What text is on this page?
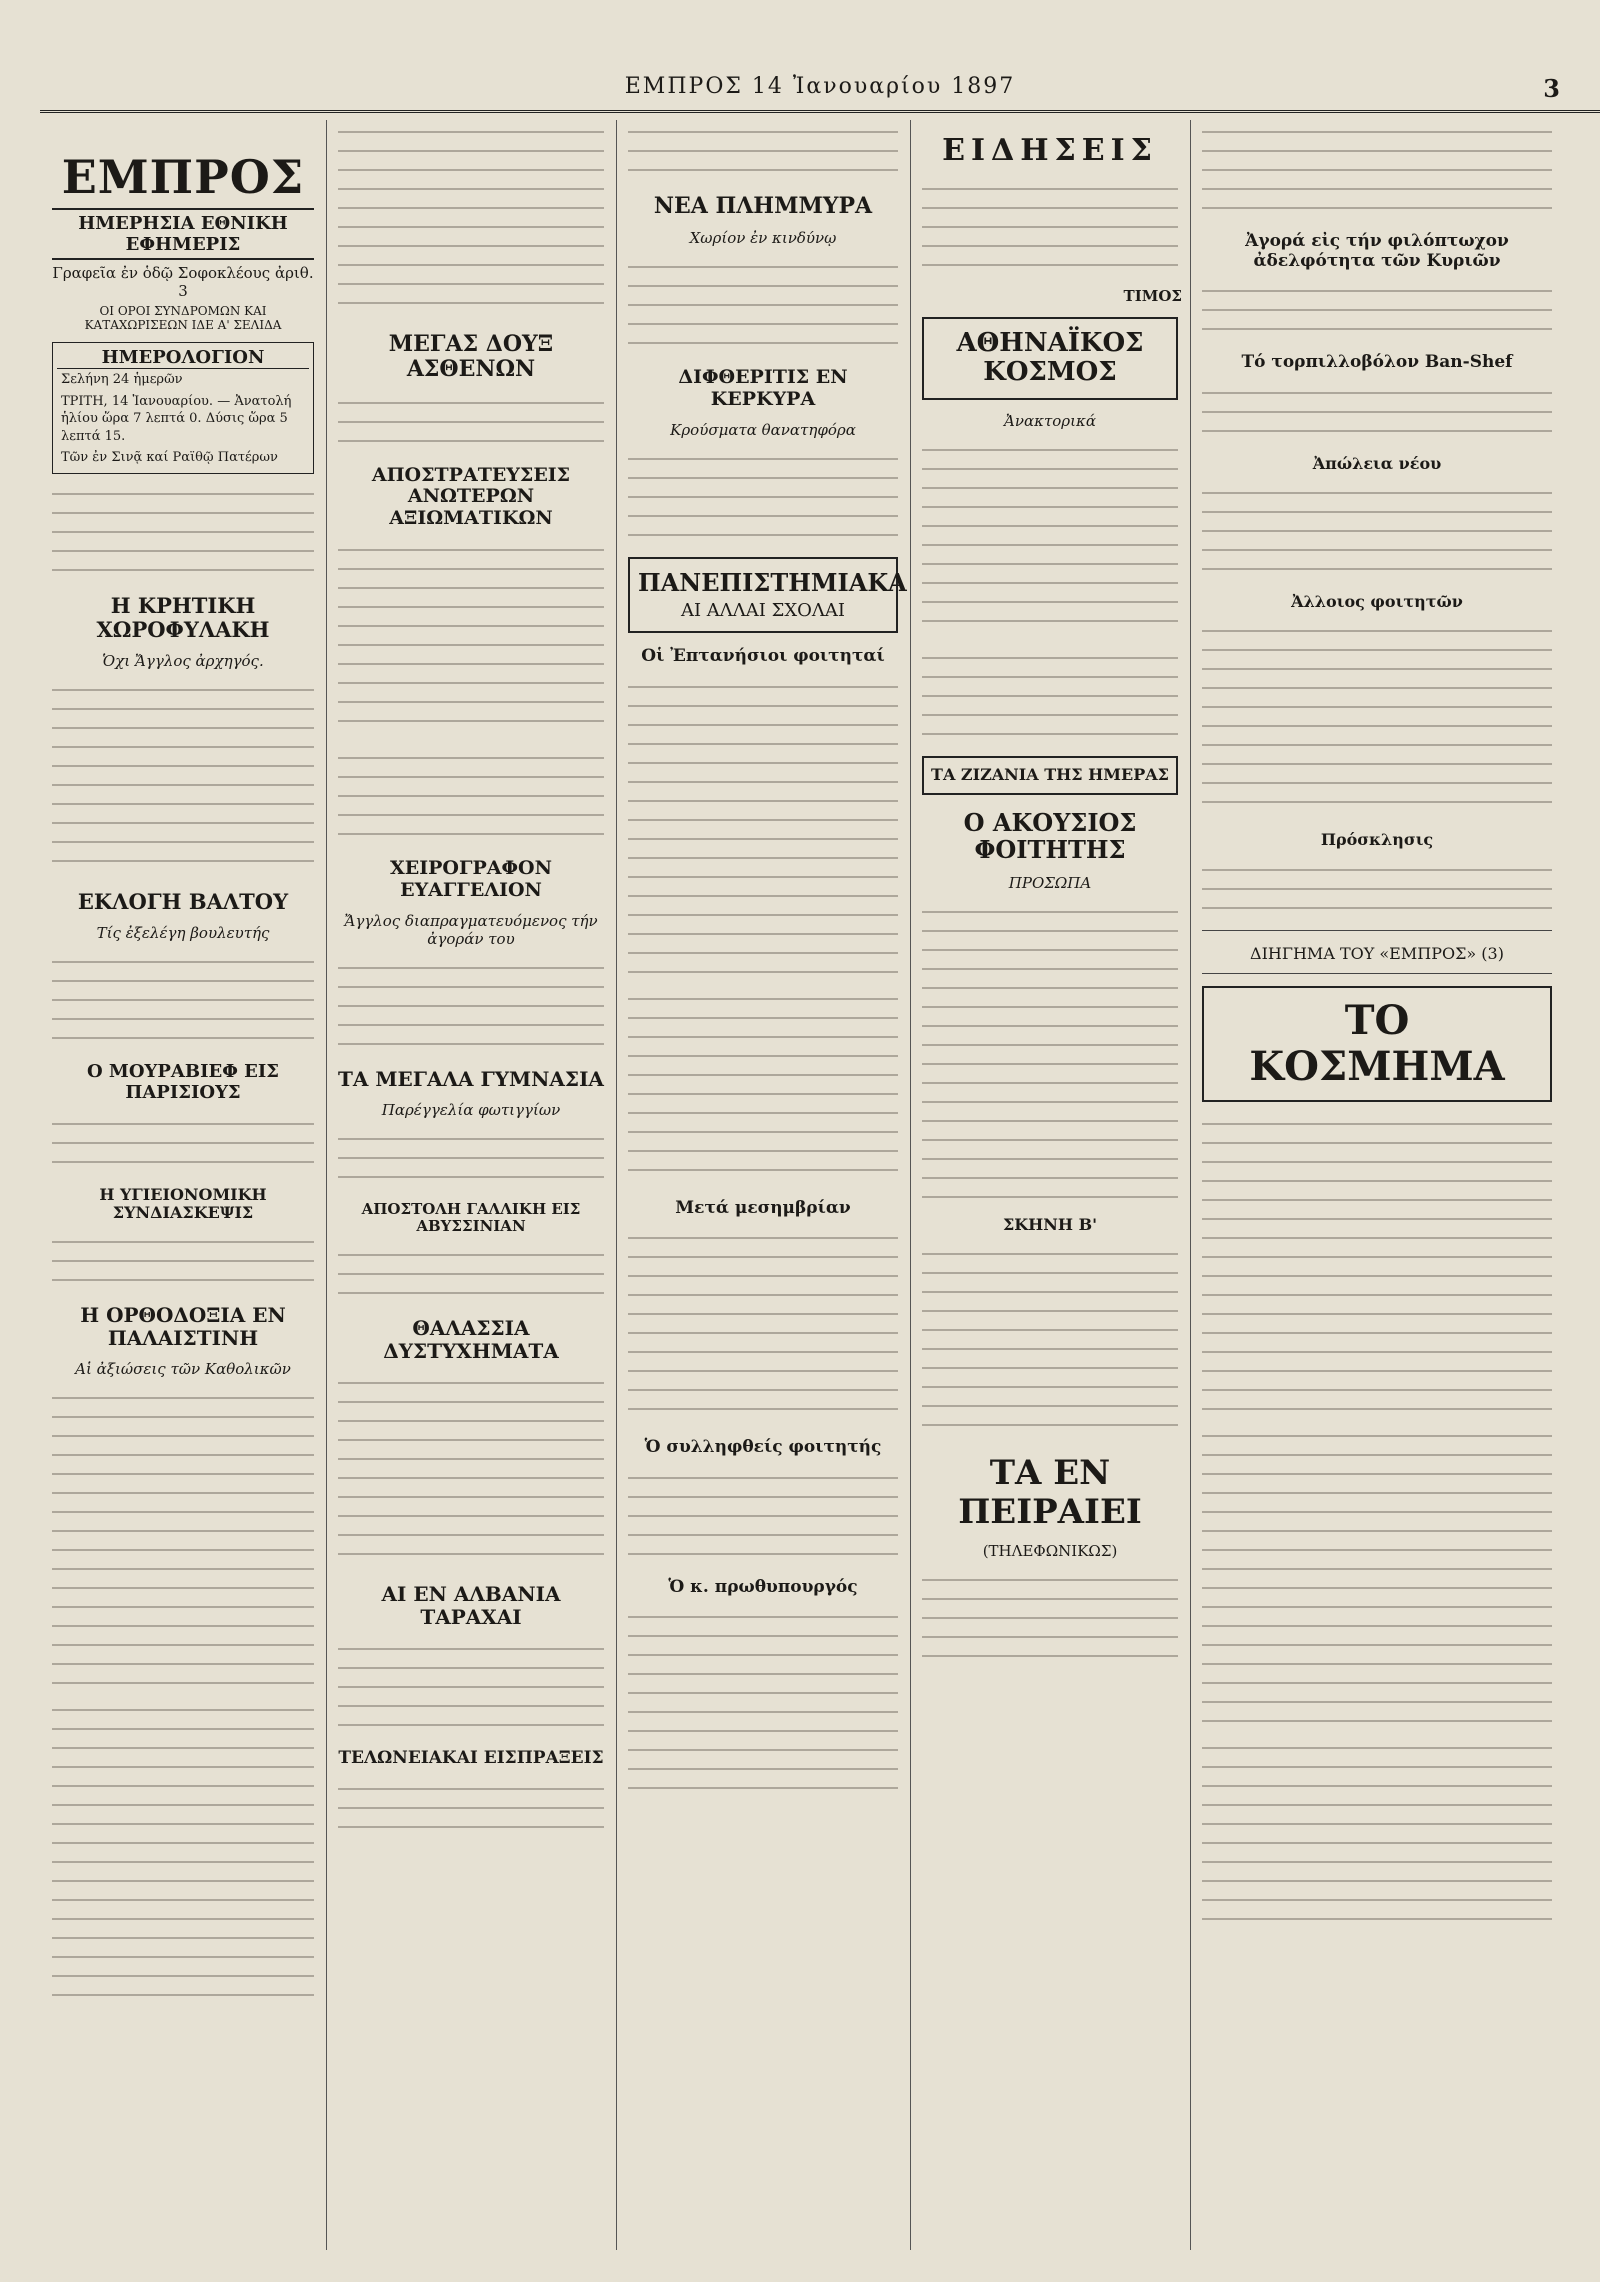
ΕΜΠΡΟΣ 14 Ἰανουαρίου 1897	3
ΕΜΠΡΟΣ
ΗΜΕΡΗΣΙΑ ΕΘΝΙΚΗ ΕΦΗΜΕΡΙΣ
Γραφεῖα ἐν ὁδῷ Σοφοκλέους ἀριθ. 3
ΟΙ ΟΡΟΙ ΣΥΝΔΡΟΜΩΝ ΚΑΙ ΚΑΤΑΧΩΡΙΣΕΩΝ ΙΔΕ Α' ΣΕΛΙΔΑ
ΗΜΕΡΟΛΟΓΙΟΝ
Σελήνη 24 ἡμερῶν
ΤΡΙΤΗ, 14 Ἰανουαρίου. — Ἀνατολή ἡλίου ὥρα 7 λεπτά 0. Δύσις ὥρα 5 λεπτά 15.
Τῶν ἐν Σινᾷ καί Ραϊθῷ Πατέρων
Η ΚΡΗΤΙΚΗ ΧΩΡΟΦΥΛΑΚΗ
Ὁχι Ἄγγλος ἀρχηγός.
ΕΚΛΟΓΗ ΒΑΛΤΟΥ
Τίς ἐξελέγη βουλευτής
Ο ΜΟΥΡΑΒΙΕΦ ΕΙΣ ΠΑΡΙΣΙΟΥΣ
Η ΥΓΙΕΙΟΝΟΜΙΚΗ ΣΥΝΔΙΑΣΚΕΨΙΣ
Η ΟΡΘΟΔΟΞΙΑ ΕΝ ΠΑΛΑΙΣΤΙΝΗ
Αἱ ἀξιώσεις τῶν Καθολικῶν
ΜΕΓΑΣ ΔΟΥΞ ΑΣΘΕΝΩΝ
ΑΠΟΣΤΡΑΤΕΥΣΕΙΣ ΑΝΩΤΕΡΩΝ ΑΞΙΩΜΑΤΙΚΩΝ
ΧΕΙΡΟΓΡΑΦΟΝ ΕΥΑΓΓΕΛΙΟΝ
Ἄγγλος διαπραγματευόμενος τήν ἀγοράν του
ΤΑ ΜΕΓΑΛΑ ΓΥΜΝΑΣΙΑ
Παρέγγελία φωτιγγίων
ΑΠΟΣΤΟΛΗ ΓΑΛΛΙΚΗ ΕΙΣ ΑΒΥΣΣΙΝΙΑΝ
ΘΑΛΑΣΣΙΑ ΔΥΣΤΥΧΗΜΑΤΑ
ΑΙ ΕΝ ΑΛΒΑΝΙΑ ΤΑΡΑΧΑΙ
ΤΕΛΩΝΕΙΑΚΑΙ ΕΙΣΠΡΑΞΕΙΣ
ΝΕΑ ΠΛΗΜΜΥΡΑ
Χωρίον ἐν κινδύνῳ
ΔΙΦΘΕΡΙΤΙΣ ΕΝ ΚΕΡΚΥΡΑ
Κρούσματα θανατηφόρα
ΠΑΝΕΠΙΣΤΗΜΙΑΚΑ
ΑΙ ΑΛΛΑΙ ΣΧΟΛΑΙ
Οἱ Ἐπτανήσιοι φοιτηταί
Μετά μεσημβρίαν
Ὁ συλληφθείς φοιτητής
Ὁ κ. πρωθυπουργός
ΕΙΔΗΣΕΙΣ
ΤΙΜΟΣ
ΑΘΗΝΑΪΚΟΣ ΚΟΣΜΟΣ
Ἀνακτορικά
ΤΑ ΖΙΖΑΝΙΑ ΤΗΣ ΗΜΕΡΑΣ
Ο ΑΚΟΥΣΙΟΣ ΦΟΙΤΗΤΗΣ
ΠΡΟΣΩΠΑ
ΣΚΗΝΗ Β'
ΤΑ ΕΝ ΠΕΙΡΑΙΕΙ
(ΤΗΛΕΦΩΝΙΚΩΣ)
Ἀγορά εἰς τήν φιλόπτωχον ἀδελφότητα τῶν Κυριῶν
Τό τορπιλλοβόλον Ban-Shef
Ἀπώλεια νέου
Ἀλλοιος φοιτητῶν
Πρόσκλησις
ΔΙΗΓΗΜΑ ΤΟΥ «ΕΜΠΡΟΣ» (3)
ΤΟ ΚΟΣΜΗΜΑ
